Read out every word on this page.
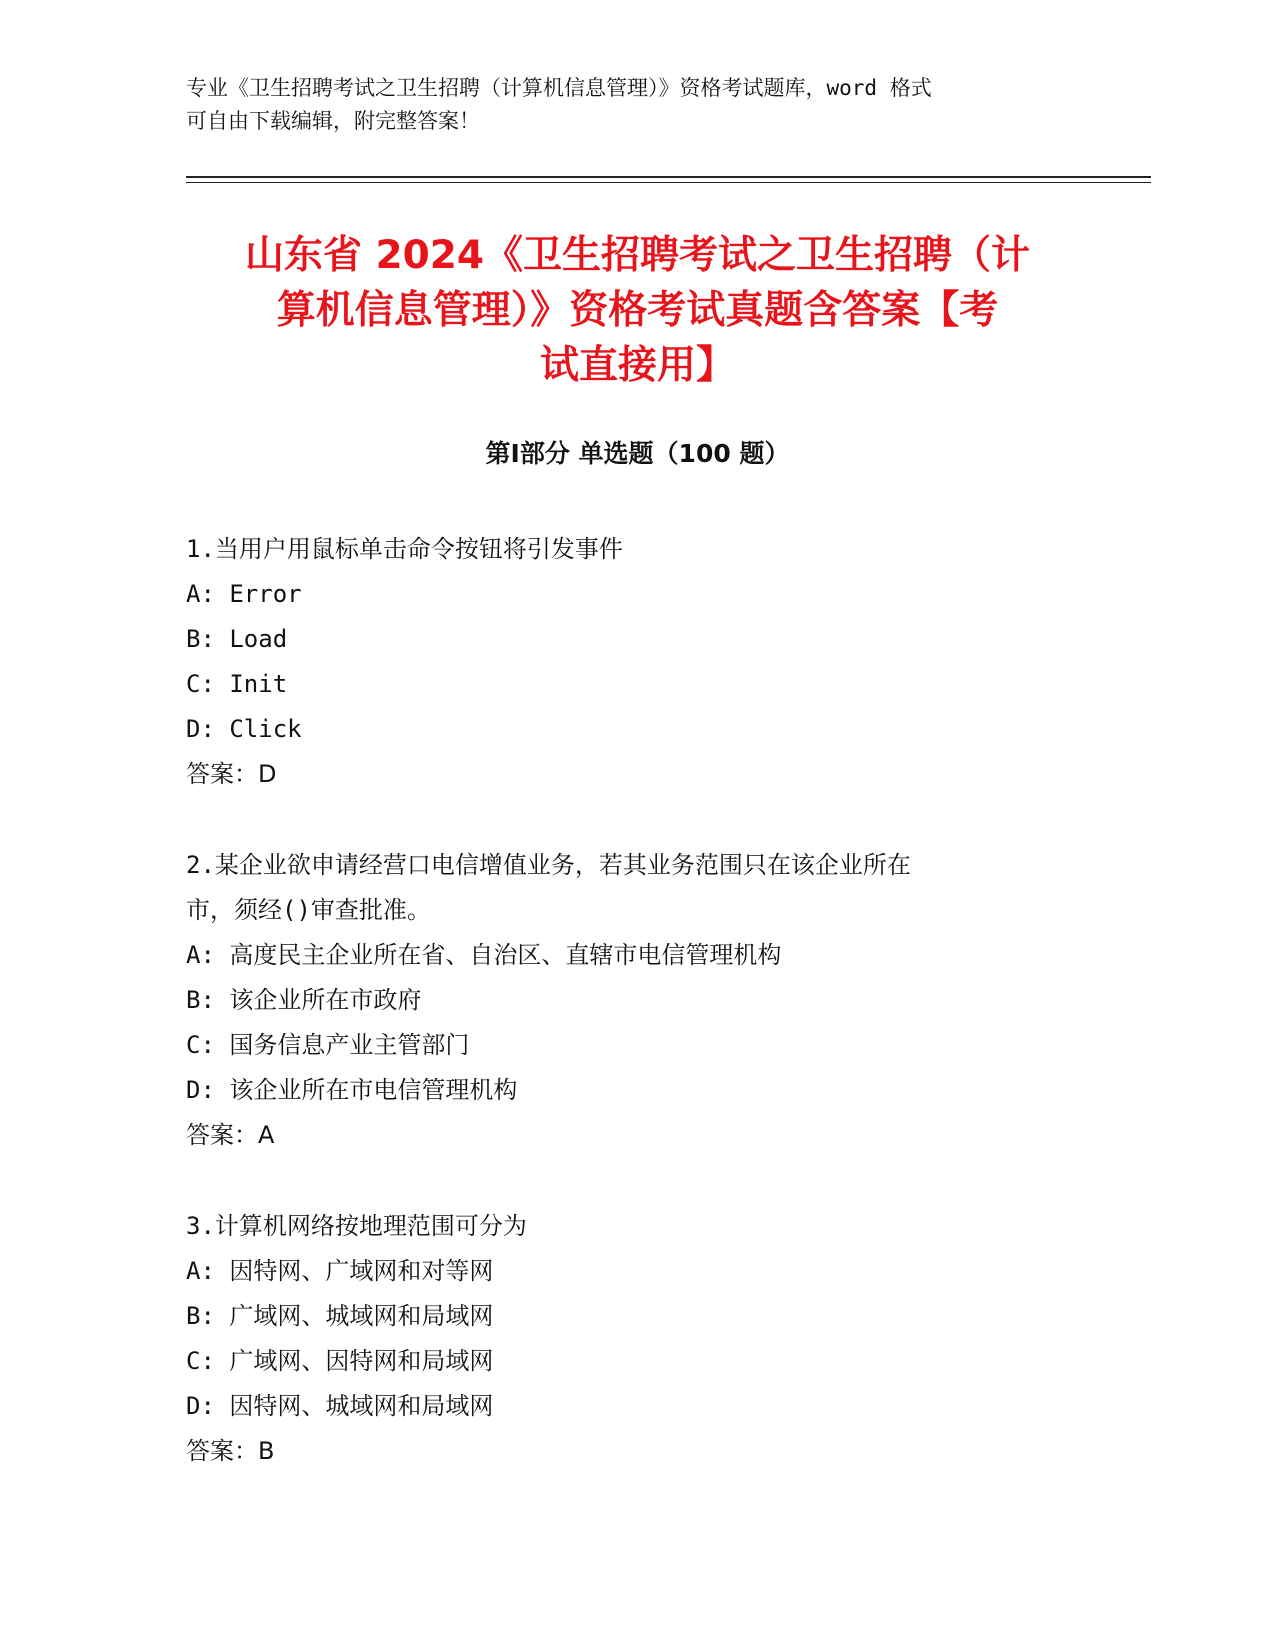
专业《卫生招聘考试之卫生招聘（计算机信息管理）》资格考试题库，word 格式
可自由下载编辑，附完整答案！
山东省 2024《卫生招聘考试之卫生招聘（计
算机信息管理）》资格考试真题含答案【考
试直接用】
第Ⅰ部分 单选题（100 题）
1.当用户用鼠标单击命令按钮将引发事件
A: Error
B: Load
C: Init
D: Click
答案：D
2.某企业欲申请经营口电信增值业务，若其业务范围只在该企业所在
市，须经()审查批准。
A: 高度民主企业所在省、自治区、直辖市电信管理机构
B: 该企业所在市政府
C: 国务信息产业主管部门
D: 该企业所在市电信管理机构
答案：A
3.计算机网络按地理范围可分为
A: 因特网、广域网和对等网
B: 广域网、城域网和局域网
C: 广域网、因特网和局域网
D: 因特网、城域网和局域网
答案：B
